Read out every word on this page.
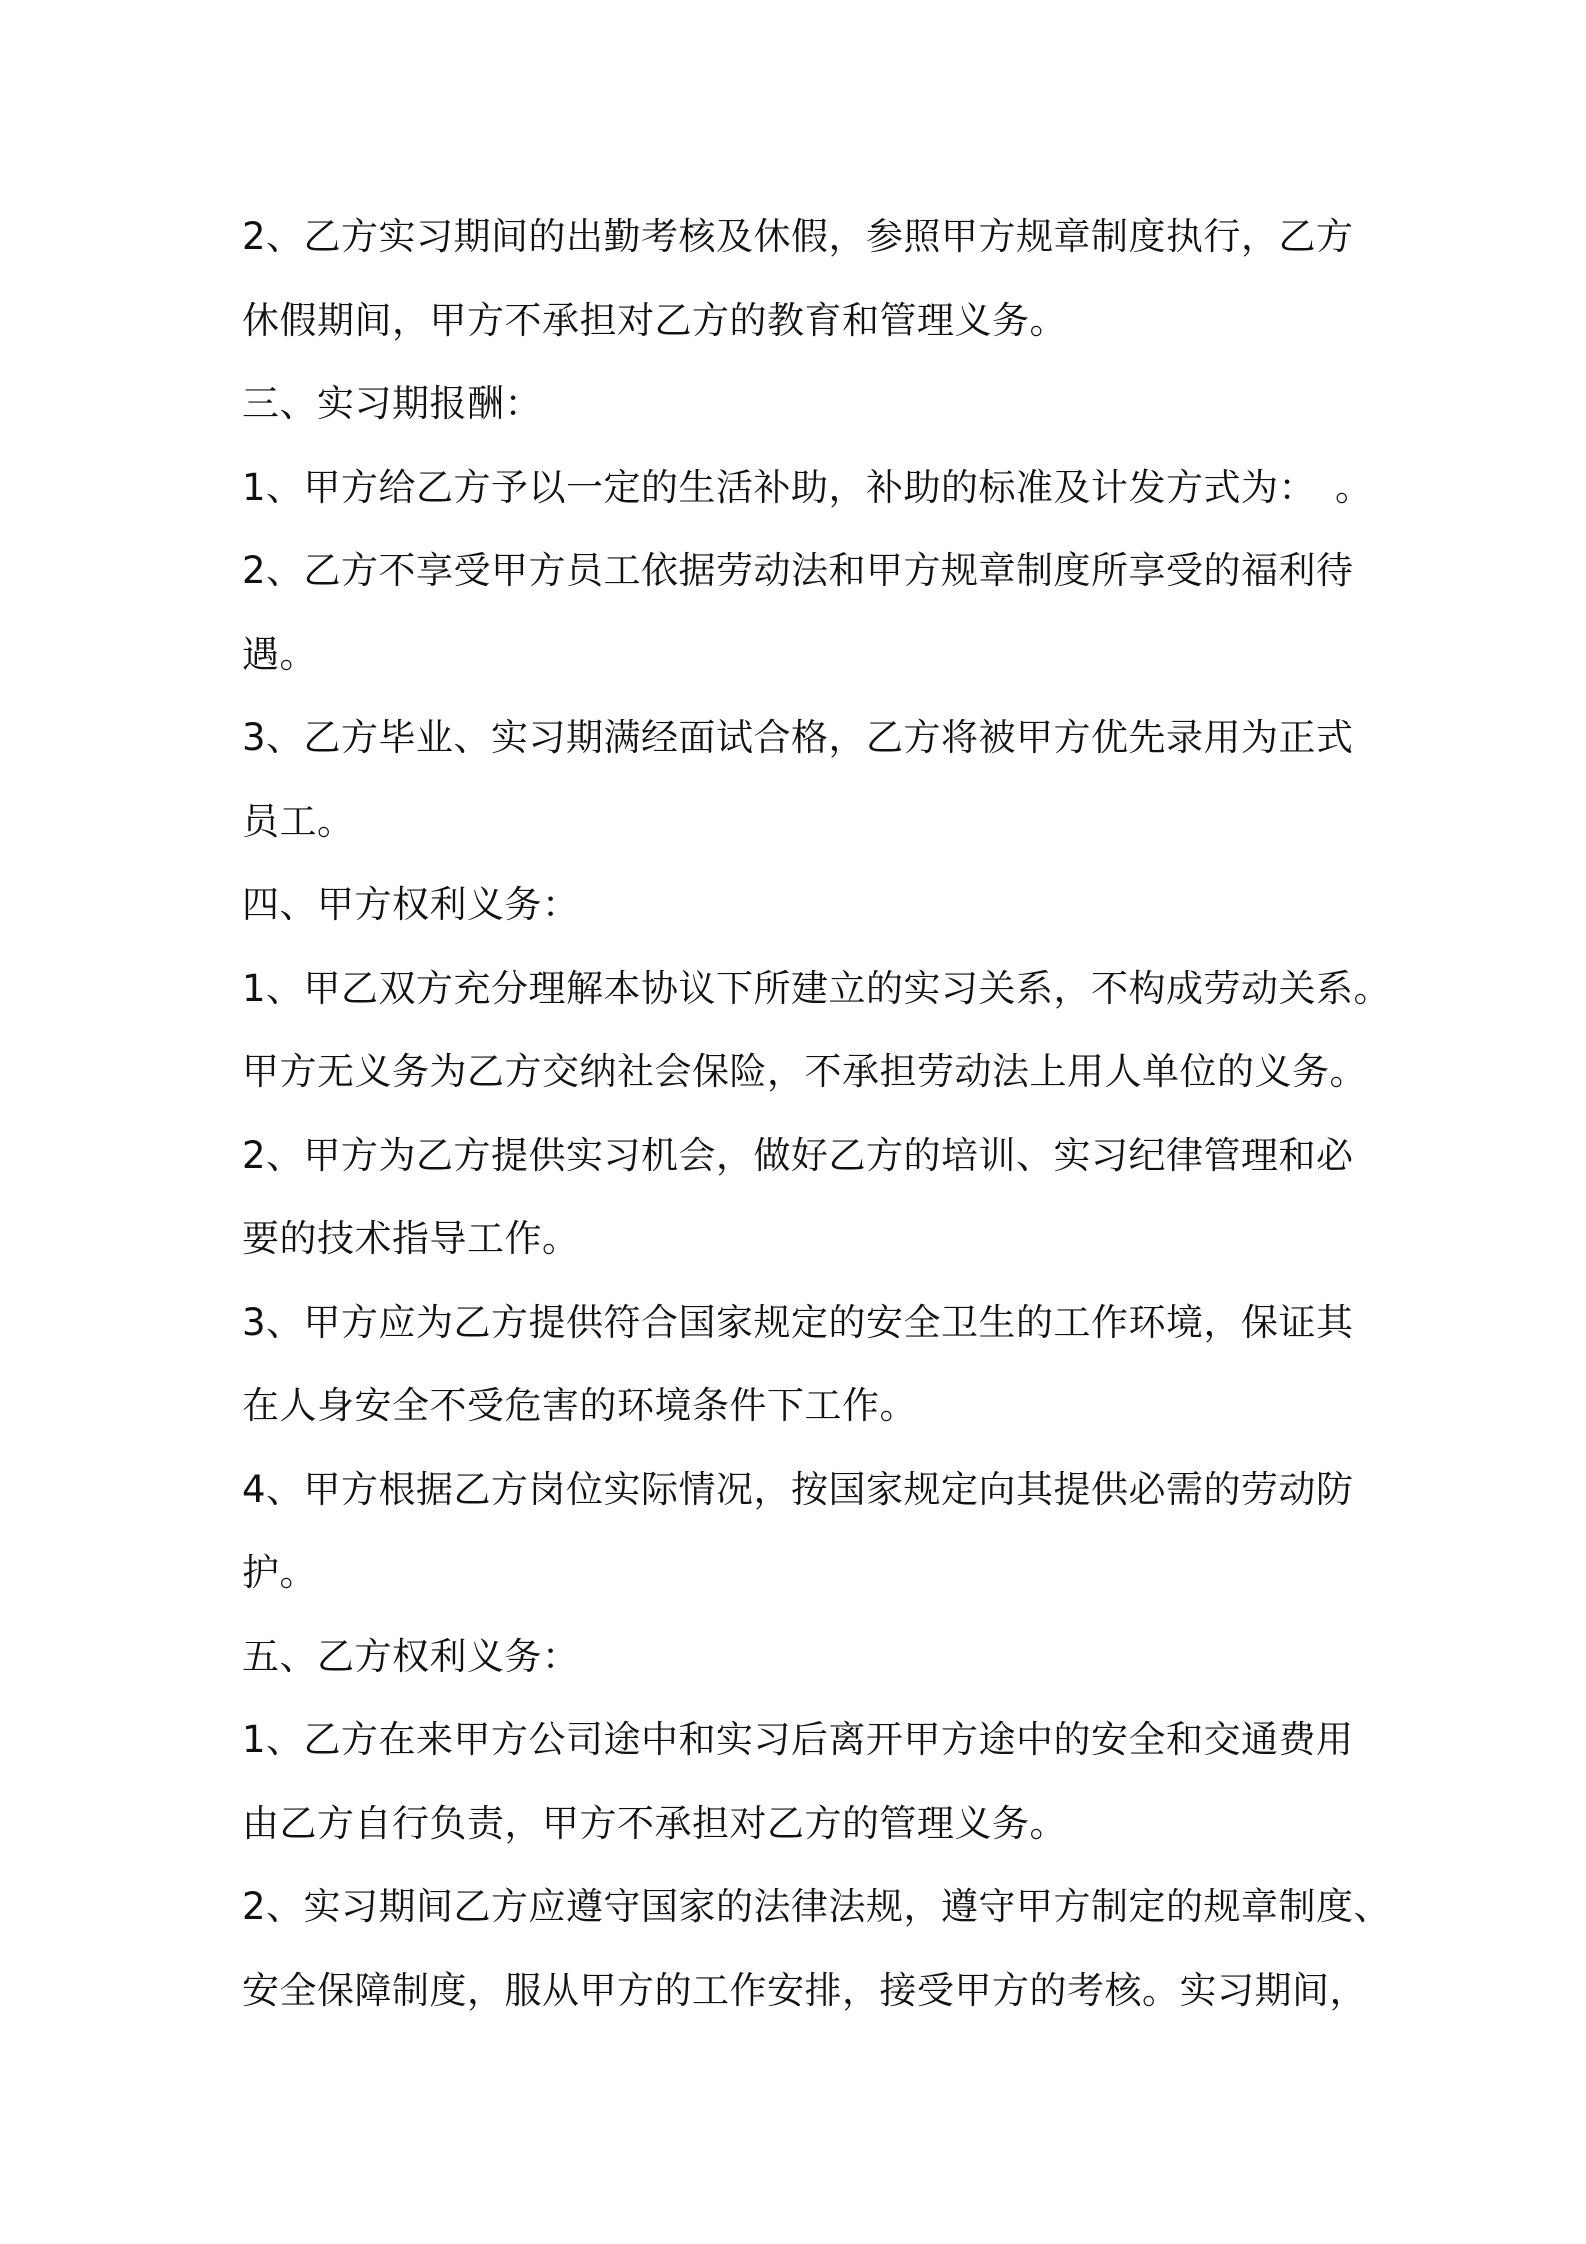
2、乙方实习期间的出勤考核及休假，参照甲方规章制度执行，乙方
休假期间，甲方不承担对乙方的教育和管理义务。

三、实习期报酬：

1、甲方给乙方予以一定的生活补助，补助的标准及计发方式为：　。

2、乙方不享受甲方员工依据劳动法和甲方规章制度所享受的福利待
遇。

3、乙方毕业、实习期满经面试合格，乙方将被甲方优先录用为正式
员工。

四、甲方权利义务：

1、甲乙双方充分理解本协议下所建立的实习关系，不构成劳动关系。
甲方无义务为乙方交纳社会保险，不承担劳动法上用人单位的义务。

2、甲方为乙方提供实习机会，做好乙方的培训、实习纪律管理和必
要的技术指导工作。

3、甲方应为乙方提供符合国家规定的安全卫生的工作环境，保证其
在人身安全不受危害的环境条件下工作。

4、甲方根据乙方岗位实际情况，按国家规定向其提供必需的劳动防
护。

五、乙方权利义务：

1、乙方在来甲方公司途中和实习后离开甲方途中的安全和交通费用
由乙方自行负责，甲方不承担对乙方的管理义务。

2、实习期间乙方应遵守国家的法律法规，遵守甲方制定的规章制度、
安全保障制度，服从甲方的工作安排，接受甲方的考核。实习期间，
